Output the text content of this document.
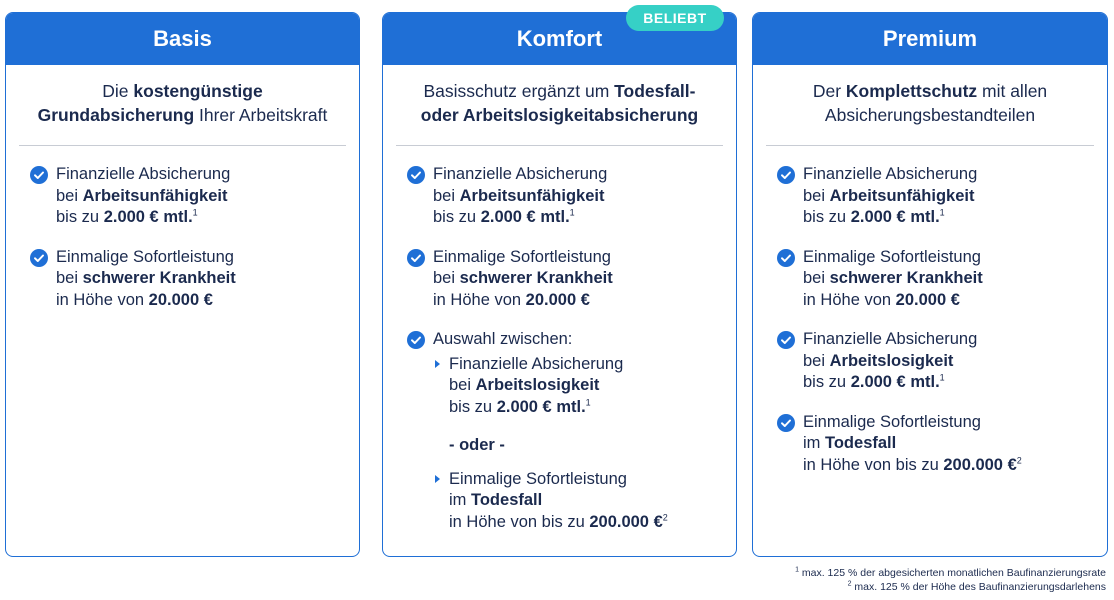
Basis
Die kostengünstige
Grundabsicherung Ihrer Arbeitskraft
Finanzielle Absicherung
bei Arbeitsunfähigkeit
bis zu 2.000 € mtl.$^1$
Einmalige Sofortleistung
bei schwerer Krankheit
in Höhe von 20.000 €
BELIEBT
Komfort
Basisschutz ergänzt um Todesfall-
oder Arbeitslosigkeitabsicherung
Finanzielle Absicherung
bei Arbeitsunfähigkeit
bis zu 2.000 € mtl.$^1$
Einmalige Sofortleistung
bei schwerer Krankheit
in Höhe von 20.000 €
Auswahl zwischen:
Finanzielle Absicherung
bei Arbeitslosigkeit
bis zu 2.000 € mtl.$^1$
- oder -
Einmalige Sofortleistung
im Todesfall
in Höhe von bis zu 200.000 €$^2$
Premium
Der Komplettschutz mit allen
Absicherungsbestandteilen
Finanzielle Absicherung
bei Arbeitsunfähigkeit
bis zu 2.000 € mtl.$^1$
Einmalige Sofortleistung
bei schwerer Krankheit
in Höhe von 20.000 €
Finanzielle Absicherung
bei Arbeitslosigkeit
bis zu 2.000 € mtl.$^1$
Einmalige Sofortleistung
im Todesfall
in Höhe von bis zu 200.000 €$^2$
$^1$ max. 125 % der abgesicherten monatlichen Baufinanzierungsrate
$^2$ max. 125 % der Höhe des Baufinanzierungsdarlehens
